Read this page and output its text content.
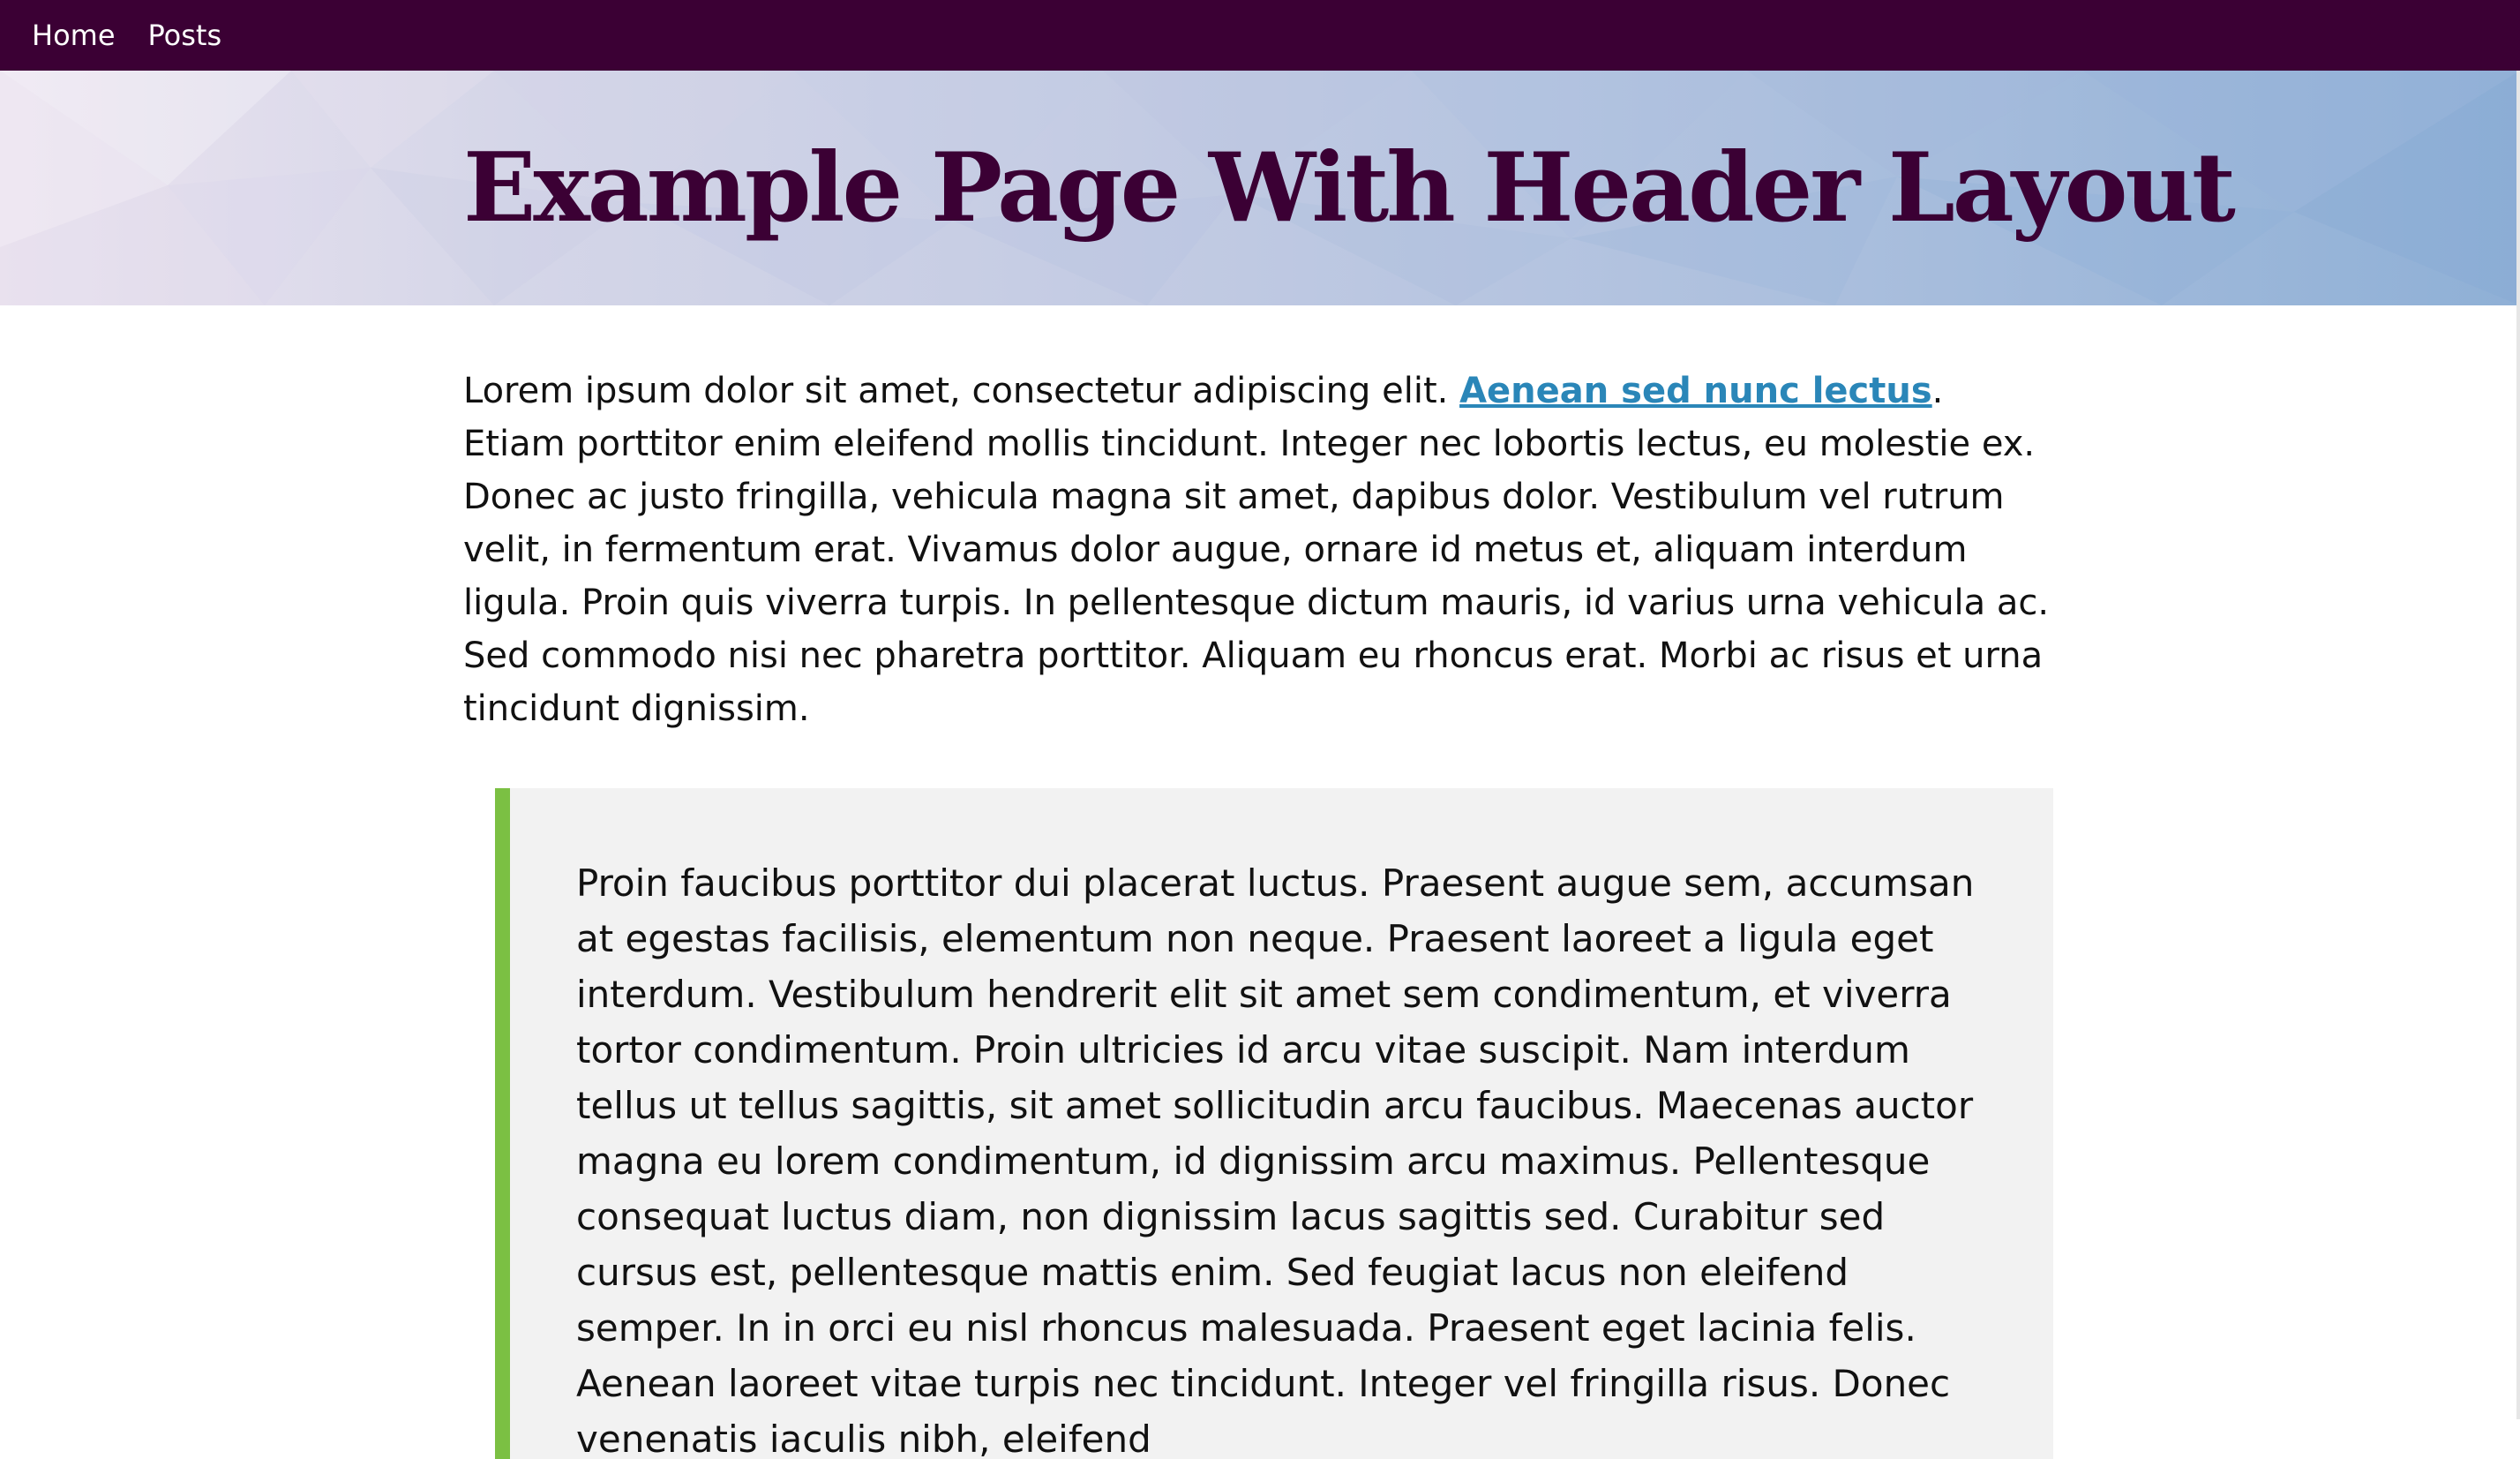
Home Posts
Example Page With Header Layout

Lorem ipsum dolor sit amet, consectetur adipiscing elit. Aenean sed nunc lectus. Etiam porttitor enim eleifend mollis tincidunt. Integer nec lobortis lectus, eu molestie ex. Donec ac justo fringilla, vehicula magna sit amet, dapibus dolor. Vestibulum vel rutrum velit, in fermentum erat. Vivamus dolor augue, ornare id metus et, aliquam interdum ligula. Proin quis viverra turpis. In pellentesque dictum mauris, id varius urna vehicula ac. Sed commodo nisi nec pharetra porttitor. Aliquam eu rhoncus erat. Morbi ac risus et urna tincidunt dignissim.

Proin faucibus porttitor dui placerat luctus. Praesent augue sem, accumsan at egestas facilisis, elementum non neque. Praesent laoreet a ligula eget interdum. Vestibulum hendrerit elit sit amet sem condimentum, et viverra tortor condimentum. Proin ultricies id arcu vitae suscipit. Nam interdum tellus ut tellus sagittis, sit amet sollicitudin arcu faucibus. Maecenas auctor magna eu lorem condimentum, id dignissim arcu maximus. Pellentesque consequat luctus diam, non dignissim lacus sagittis sed. Curabitur sed cursus est, pellentesque mattis enim. Sed feugiat lacus non eleifend semper. In in orci eu nisl rhoncus malesuada. Praesent eget lacinia felis. Aenean laoreet vitae turpis nec tincidunt. Integer vel fringilla risus. Donec venenatis iaculis nibh, eleifend
